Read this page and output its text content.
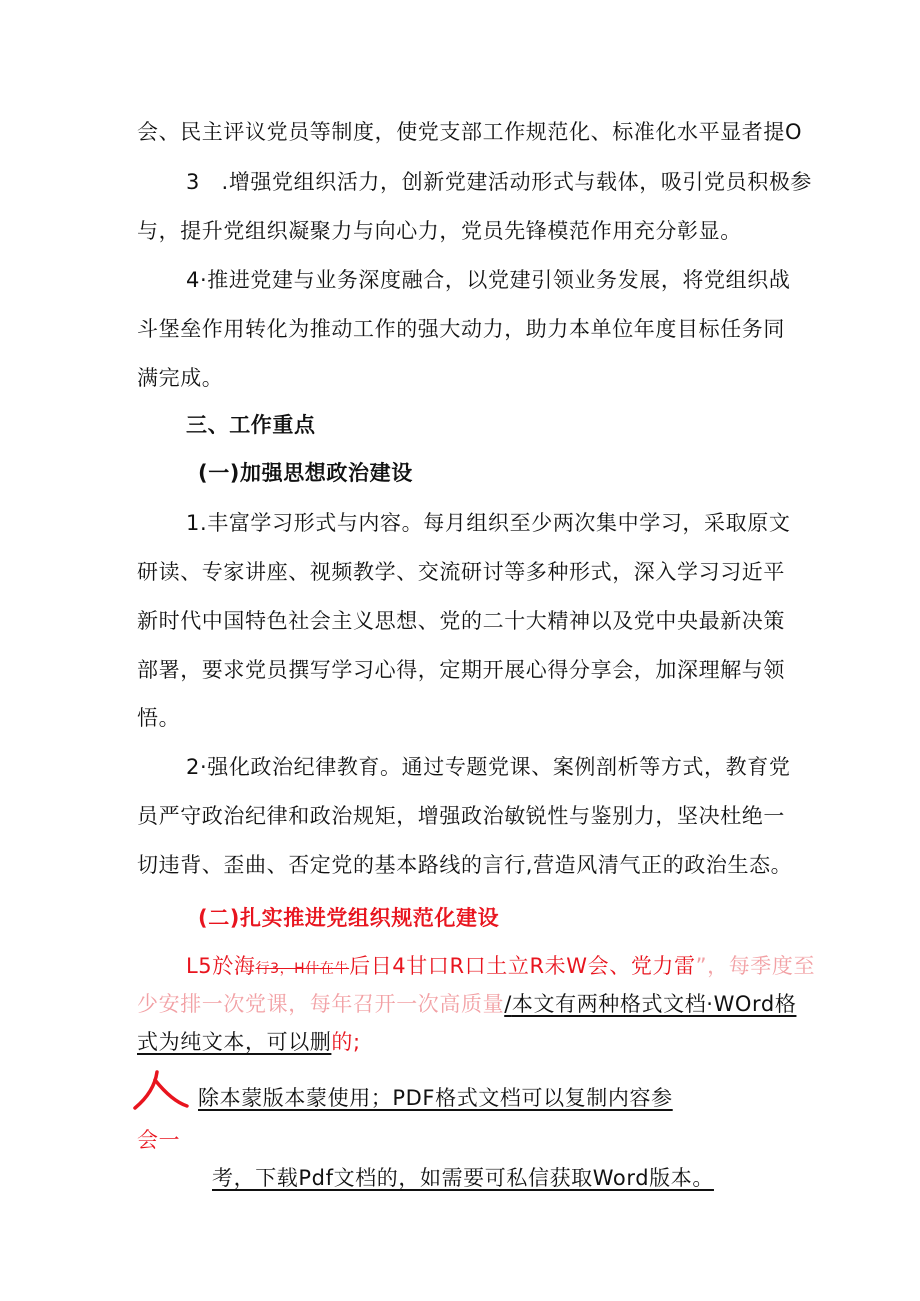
会、民主评议党员等制度，使党支部工作规范化、标准化水平显者提O
3　.增强党组织活力，创新党建活动形式与载体，吸引党员积极参
与，提升党组织凝聚力与向心力，党员先锋模范作用充分彰显。
4·推进党建与业务深度融合，以党建引领业务发展，将党组织战
斗堡垒作用转化为推动工作的强大动力，助力本单位年度目标任务同
满完成。
三、工作重点
(一)加强思想政治建设
1.丰富学习形式与内容。每月组织至少两次集中学习，采取原文
研读、专家讲座、视频教学、交流研讨等多种形式，深入学习习近平
新时代中国特色社会主义思想、党的二十大精神以及党中央最新决策
部署，要求党员撰写学习心得，定期开展心得分享会，加深理解与领
悟。
2·强化政治纪律教育。通过专题党课、案例剖析等方式，教育党
员严守政治纪律和政治规矩，增强政治敏锐性与鉴别力，坚决杜绝一
切违背、歪曲、否定党的基本路线的言行,营造风清气正的政治生态。
(二)扎实推进党组织规范化建设
L5於海行3，H什在牛后日4甘口R口土立R未W会、党力雷”，每季度至
少安排一次党课，每年召开一次高质量/本文有两种格式文档·WOrd格
式为纯文本，可以删的;
除本蒙版本蒙使用；PDF格式文档可以复制内容参
会一
考，下载Pdf文档的，如需要可私信获取Word版本。
